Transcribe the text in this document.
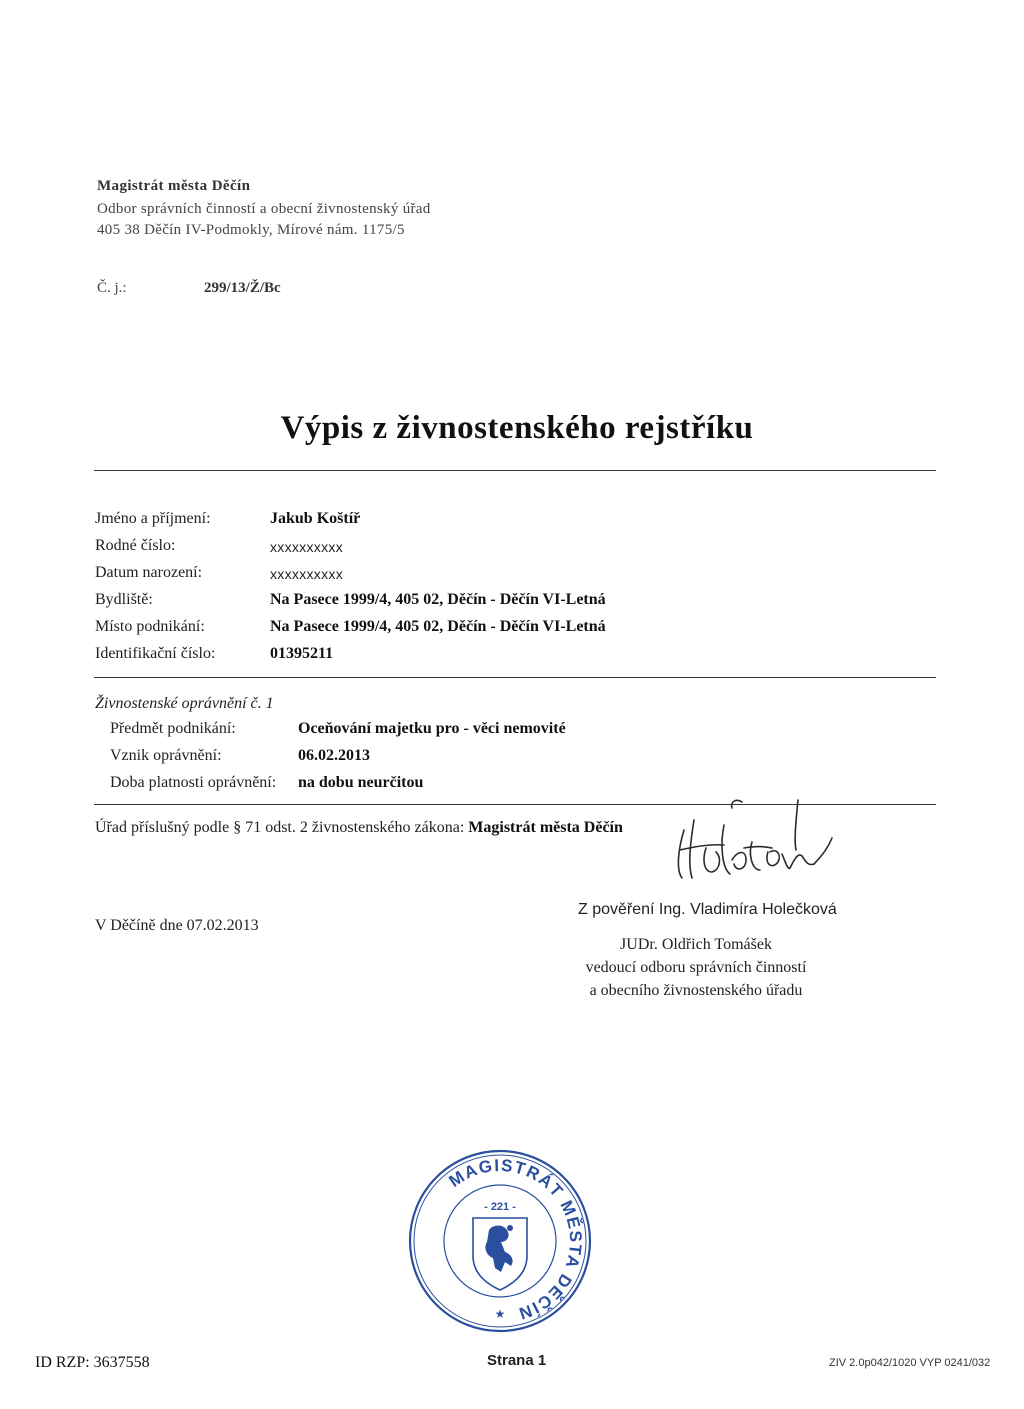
Magistrát města Děčín
Odbor správních činností a obecní živnostenský úřad
405 38 Děčín IV-Podmokly, Mírové nám. 1175/5
Č. j.:	299/13/Ž/Bc
Výpis z živnostenského rejstříku
Jméno a příjmení:	Jakub Koštíř
Rodné číslo:	xxxxxxxxxx
Datum narození:	xxxxxxxxxx
Bydliště:	Na Pasece 1999/4, 405 02, Děčín - Děčín VI-Letná
Místo podnikání:	Na Pasece 1999/4, 405 02, Děčín - Děčín VI-Letná
Identifikační číslo:	01395211
Živnostenské oprávnění č. 1
Předmět podnikání:	Oceňování majetku pro - věci nemovité
Vznik oprávnění:	06.02.2013
Doba platnosti oprávnění: na dobu neurčitou
Úřad příslušný podle § 71 odst. 2 živnostenského zákona: Magistrát města Děčín
V Děčíně dne 07.02.2013
Z pověření Ing. Vladimíra Holečková
JUDr. Oldřich Tomášek
vedoucí odboru správních činností
a obecního živnostenského úřadu
MAGISTRÁT MĚSTA DĚČÍN
- 221 -
★
ID RZP: 3637558	Strana 1	ZIV 2.0p042/1020 VYP 0241/032
